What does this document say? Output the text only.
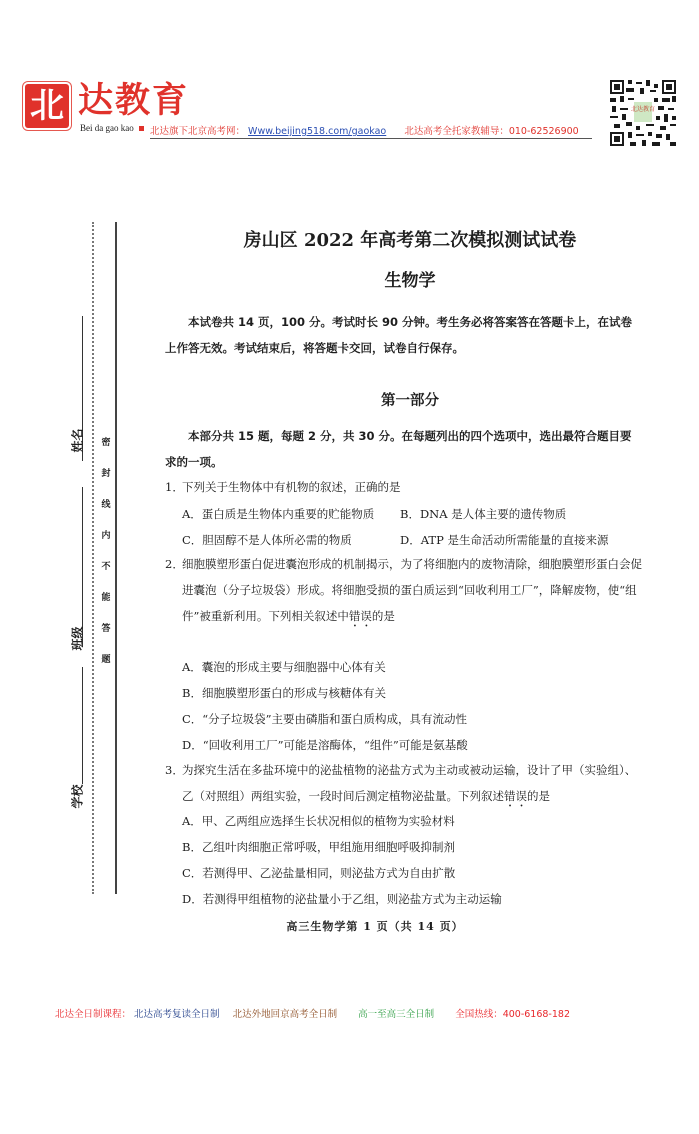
北 达教育
Bei da gao kao	北达旗下北京高考网： Www.beijing518.com/gaokao 北达高考全托家教辅导：010-62526900
北达教育
姓名
班级
学校
密
封
线
内
不
能
答
题
房山区 2022 年高考第二次模拟测试试卷
生物学
本试卷共 14 页，100 分。考试时长 90 分钟。考生务必将答案答在答题卡上，在试卷上作答无效。考试结束后，将答题卡交回，试卷自行保存。
第一部分
本部分共 15 题，每题 2 分，共 30 分。在每题列出的四个选项中，选出最符合题目要求的一项。
1．下列关于生物体中有机物的叙述，正确的是
A．蛋白质是生物体内重要的贮能物质 B．DNA 是人体主要的遗传物质
C．胆固醇不是人体所必需的物质	D．ATP 是生命活动所需能量的直接来源
2．
细胞膜塑形蛋白促进囊泡形成的机制揭示，为了将细胞内的废物清除，细胞膜塑形蛋白会促进囊泡（分子垃圾袋）形成。将细胞受损的蛋白质运到“回收利用工厂”，降解废物，使“组件”被重新利用。下列相关叙述中错误的是
A．囊泡的形成主要与细胞器中心体有关
B．细胞膜塑形蛋白的形成与核糖体有关
C．“分子垃圾袋”主要由磷脂和蛋白质构成，具有流动性
D．“回收利用工厂”可能是溶酶体，“组件”可能是氨基酸
3．
为探究生活在多盐环境中的泌盐植物的泌盐方式为主动或被动运输，设计了甲（实验组）、乙（对照组）两组实验，一段时间后测定植物泌盐量。下列叙述错误的是
A．甲、乙两组应选择生长状况相似的植物为实验材料
B．乙组叶肉细胞正常呼吸，甲组施用细胞呼吸抑制剂
C．若测得甲、乙泌盐量相同，则泌盐方式为自由扩散
高三生物学第 1 页（共 14 页）
北达全日制课程： 北达高考复读全日制 北达外地回京高考全日制 高一至高三全日制 全国热线：400-6168-182
D．若测得甲组植物的泌盐量小于乙组，则泌盐方式为主动运输
